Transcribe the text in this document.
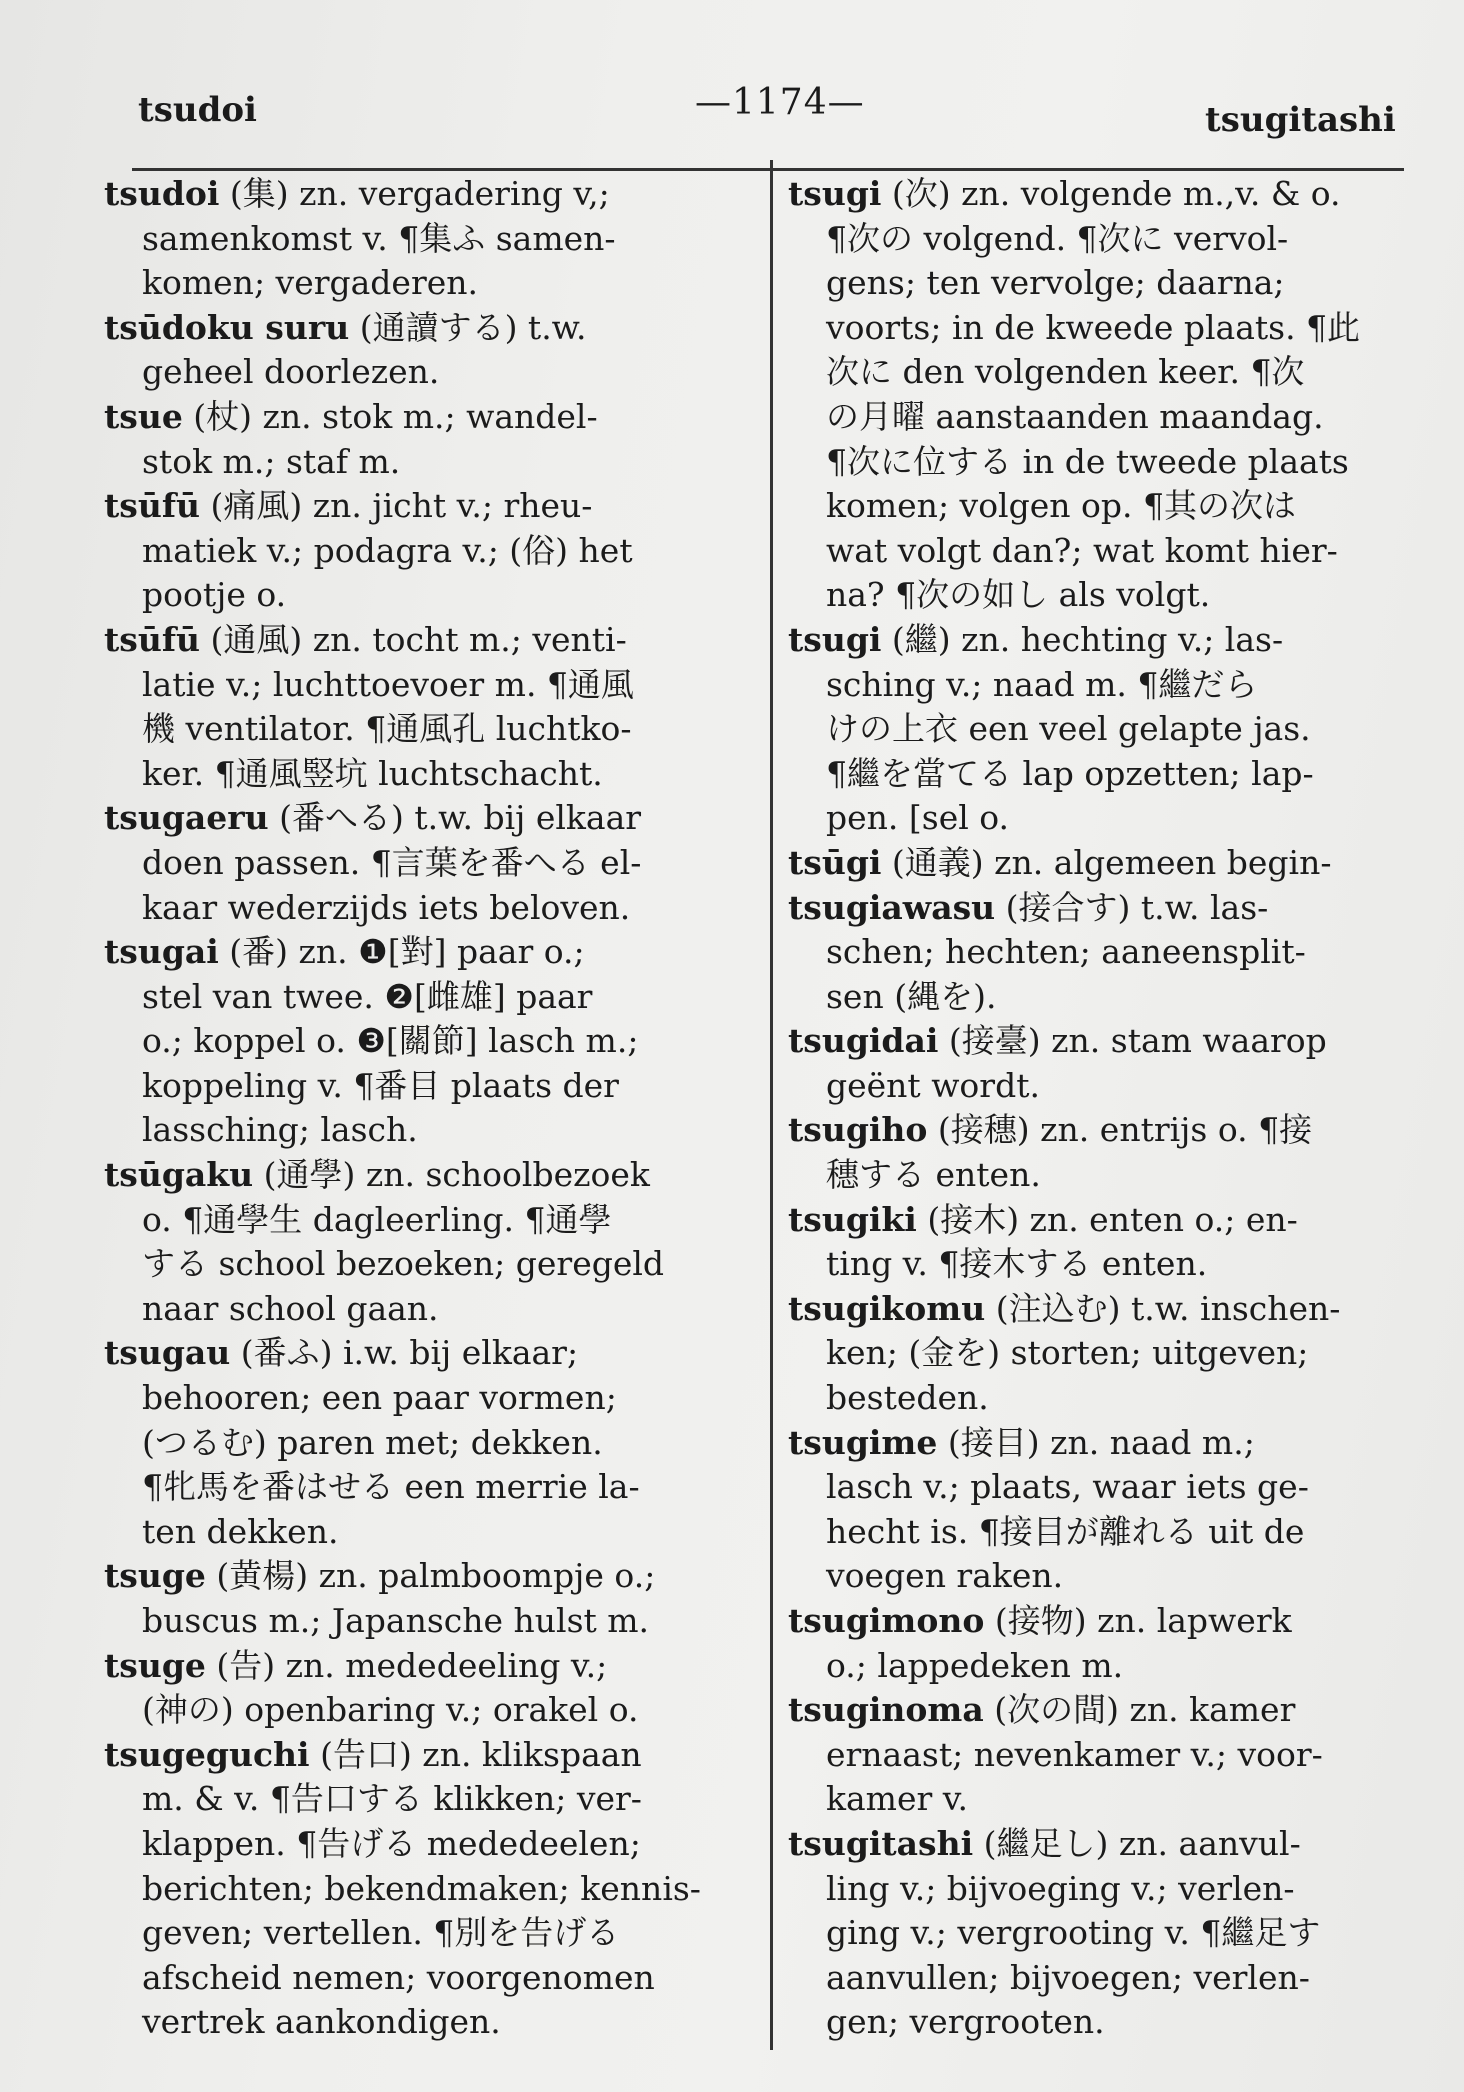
tsudoi	—1174—	tsugitashi
tsudoi (集) zn. vergadering v,;
samenkomst v. ¶集ふ samen-
komen; vergaderen.
tsūdoku suru (通讀する) t.w.
geheel doorlezen.
tsue (杖) zn. stok m.; wandel-
stok m.; staf m.
tsūfū (痛風) zn. jicht v.; rheu-
matiek v.; podagra v.; (俗) het
pootje o.
tsūfū (通風) zn. tocht m.; venti-
latie v.; luchttoevoer m. ¶通風
機 ventilator. ¶通風孔 luchtko-
ker. ¶通風竪坑 luchtschacht.
tsugaeru (番へる) t.w. bij elkaar
doen passen. ¶言葉を番へる el-
kaar wederzijds iets beloven.
tsugai (番) zn. ❶[對] paar o.;
stel van twee. ❷[雌雄] paar
o.; koppel o. ❸[關節] lasch m.;
koppeling v. ¶番目 plaats der
lassching; lasch.
tsūgaku (通學) zn. schoolbezoek
o. ¶通學生 dagleerling. ¶通學
する school bezoeken; geregeld
naar school gaan.
tsugau (番ふ) i.w. bij elkaar;
behooren; een paar vormen;
(つるむ) paren met; dekken.
¶牝馬を番はせる een merrie la-
ten dekken.
tsuge (黄楊) zn. palmboompje o.;
buscus m.; Japansche hulst m.
tsuge (告) zn. mededeeling v.;
(神の) openbaring v.; orakel o.
tsugeguchi (告口) zn. klikspaan
m. & v. ¶告口する klikken; ver-
klappen. ¶告げる mededeelen;
berichten; bekendmaken; kennis-
geven; vertellen. ¶別を告げる
afscheid nemen; voorgenomen
vertrek aankondigen.
tsugi (次) zn. volgende m.,v. & o.
¶次の volgend. ¶次に vervol-
gens; ten vervolge; daarna;
voorts; in de kweede plaats. ¶此
次に den volgenden keer. ¶次
の月曜 aanstaanden maandag.
¶次に位する in de tweede plaats
komen; volgen op. ¶其の次は
wat volgt dan?; wat komt hier-
na? ¶次の如し als volgt.
tsugi (繼) zn. hechting v.; las-
sching v.; naad m. ¶繼だら
けの上衣 een veel gelapte jas.
¶繼を當てる lap opzetten; lap-
pen. [sel o.
tsūgi (通義) zn. algemeen begin-
tsugiawasu (接合す) t.w. las-
schen; hechten; aaneensplit-
sen (縄を).
tsugidai (接臺) zn. stam waarop
geënt wordt.
tsugiho (接穗) zn. entrijs o. ¶接
穗する enten.
tsugiki (接木) zn. enten o.; en-
ting v. ¶接木する enten.
tsugikomu (注込む) t.w. inschen-
ken; (金を) storten; uitgeven;
besteden.
tsugime (接目) zn. naad m.;
lasch v.; plaats, waar iets ge-
hecht is. ¶接目が離れる uit de
voegen raken.
tsugimono (接物) zn. lapwerk
o.; lappedeken m.
tsuginoma (次の間) zn. kamer
ernaast; nevenkamer v.; voor-
kamer v.
tsugitashi (繼足し) zn. aanvul-
ling v.; bijvoeging v.; verlen-
ging v.; vergrooting v. ¶繼足す
aanvullen; bijvoegen; verlen-
gen; vergrooten.
